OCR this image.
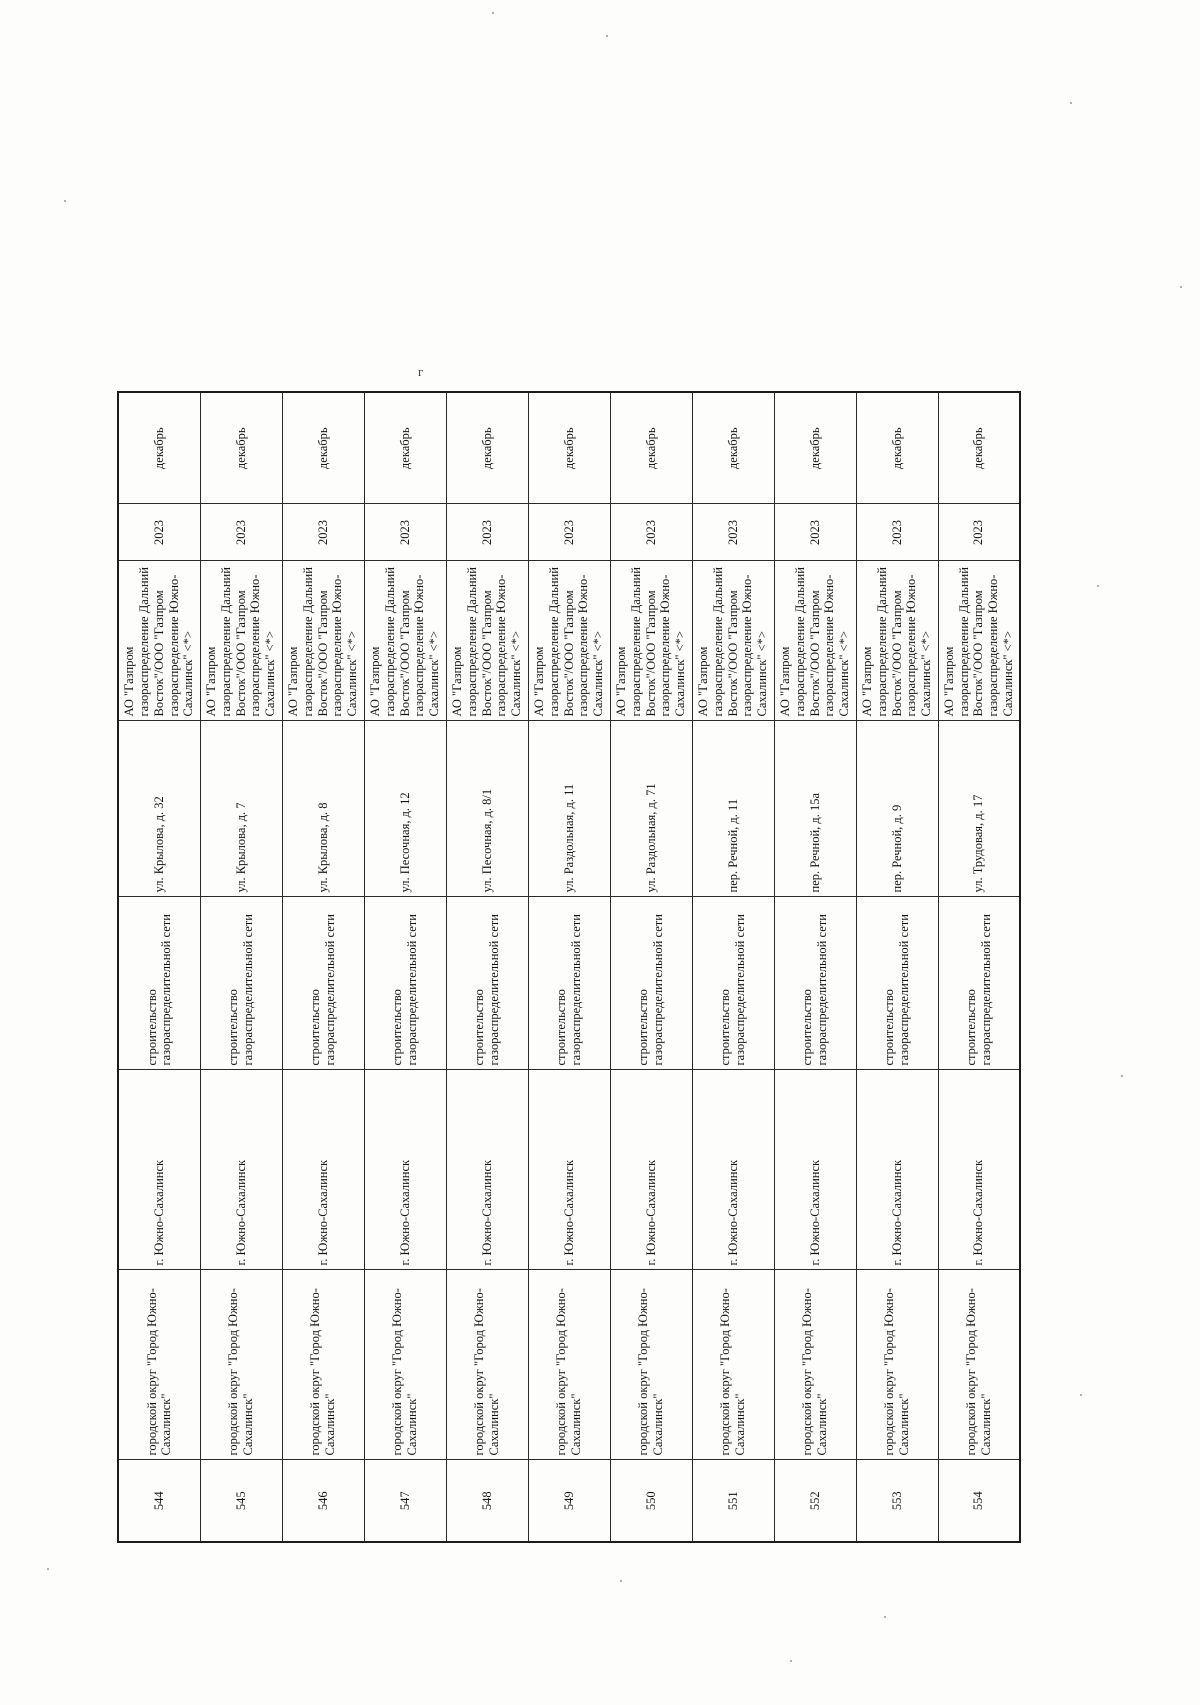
г
544	городской округ "Город Южно-Сахалинск"	г. Южно-Сахалинск	строительство газораспределительной сети	ул. Крылова, д. 32	АО "Газпром газораспределение Дальний Восток"/ООО "Газпром газораспределение Южно-Сахалинск" <*>	2023	декабрь
545	городской округ "Город Южно-Сахалинск"	г. Южно-Сахалинск	строительство газораспределительной сети	ул. Крылова, д. 7	АО "Газпром газораспределение Дальний Восток"/ООО "Газпром газораспределение Южно-Сахалинск" <*>	2023	декабрь
546	городской округ "Город Южно-Сахалинск"	г. Южно-Сахалинск	строительство газораспределительной сети	ул. Крылова, д. 8	АО "Газпром газораспределение Дальний Восток"/ООО "Газпром газораспределение Южно-Сахалинск" <*>	2023	декабрь
547	городской округ "Город Южно-Сахалинск"	г. Южно-Сахалинск	строительство газораспределительной сети	ул. Песочная, д. 12	АО "Газпром газораспределение Дальний Восток"/ООО "Газпром газораспределение Южно-Сахалинск" <*>	2023	декабрь
548	городской округ "Город Южно-Сахалинск"	г. Южно-Сахалинск	строительство газораспределительной сети	ул. Песочная, д. 8/1	АО "Газпром газораспределение Дальний Восток"/ООО "Газпром газораспределение Южно-Сахалинск" <*>	2023	декабрь
549	городской округ "Город Южно-Сахалинск"	г. Южно-Сахалинск	строительство газораспределительной сети	ул. Раздольная, д. 11	АО "Газпром газораспределение Дальний Восток"/ООО "Газпром газораспределение Южно-Сахалинск" <*>	2023	декабрь
550	городской округ "Город Южно-Сахалинск"	г. Южно-Сахалинск	строительство газораспределительной сети	ул. Раздольная, д. 71	АО "Газпром газораспределение Дальний Восток"/ООО "Газпром газораспределение Южно-Сахалинск" <*>	2023	декабрь
551	городской округ "Город Южно-Сахалинск"	г. Южно-Сахалинск	строительство газораспределительной сети	пер. Речной, д. 11	АО "Газпром газораспределение Дальний Восток"/ООО "Газпром газораспределение Южно-Сахалинск" <*>	2023	декабрь
552	городской округ "Город Южно-Сахалинск"	г. Южно-Сахалинск	строительство газораспределительной сети	пер. Речной, д. 15а	АО "Газпром газораспределение Дальний Восток"/ООО "Газпром газораспределение Южно-Сахалинск" <*>	2023	декабрь
553	городской округ "Город Южно-Сахалинск"	г. Южно-Сахалинск	строительство газораспределительной сети	пер. Речной, д. 9	АО "Газпром газораспределение Дальний Восток"/ООО "Газпром газораспределение Южно-Сахалинск" <*>	2023	декабрь
554	городской округ "Город Южно-Сахалинск"	г. Южно-Сахалинск	строительство газораспределительной сети	ул. Трудовая, д. 17	АО "Газпром газораспределение Дальний Восток"/ООО "Газпром газораспределение Южно-Сахалинск" <*>	2023	декабрь
